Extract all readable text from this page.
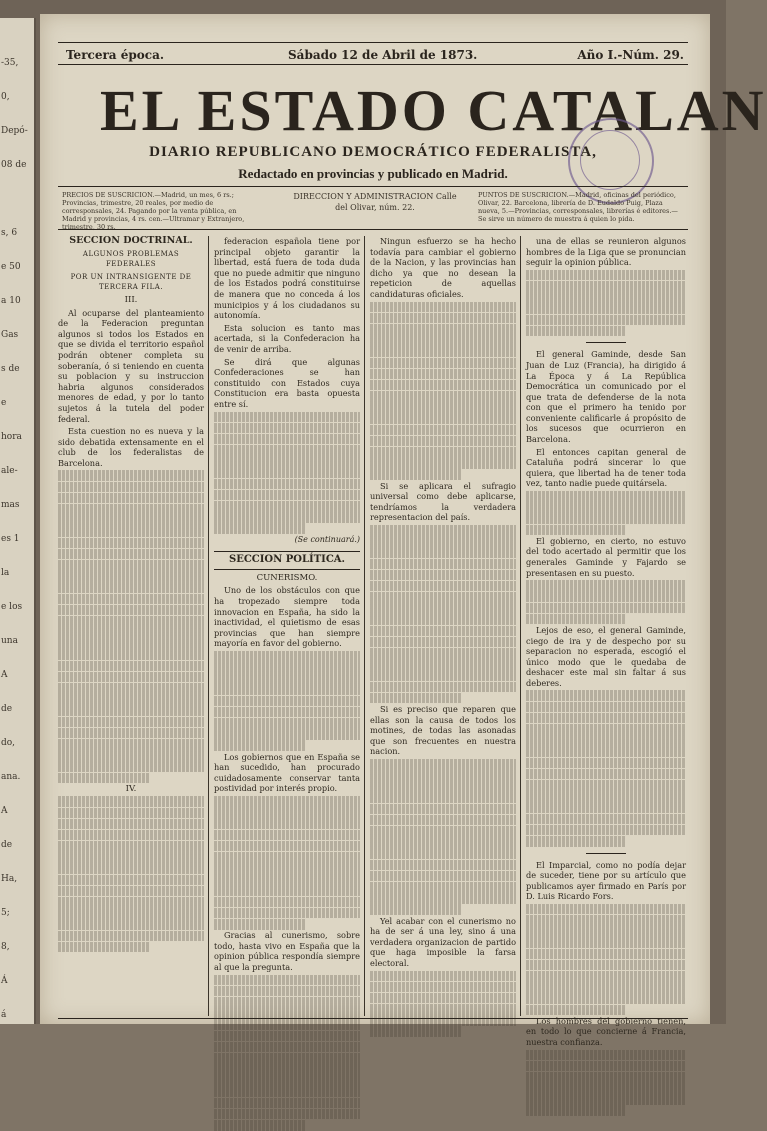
-35,
0,
Depó-
08 de
s, 6
e 50
a 10
Gas
s de
e
hora
ale-
mas
es 1
la
e los
una
A
de
do,
ana.
A
de
Ha,
5;
8,
Á
á
Tercera época.	Sábado 12 de Abril de 1873.	Año I.-Núm. 29.
EL ESTADO CATALAN
DIARIO REPUBLICANO DEMOCRÁTICO FEDERALISTA,
Redactado en provincias y publicado en Madrid.
PRECIOS DE SUSCRICION.—Madrid, un mes, 6 rs.; Provincias, trimestre, 20 reales, por medio de corresponsales, 24. Pagando por la venta pública, en Madrid y provincias, 4 rs. cen.—Ultramar y Extranjero, trimestre, 30 rs.
DIRECCION Y ADMINISTRACION Calle del Olivar, núm. 22.
PUNTOS DE SUSCRICION.—Madrid, oficinas del periódico, Olivar, 22. Barcelona, librería de D. Eudaldo Puig, Plaza nueva, 5.—Provincias, corresponsales, librerías é editores.—Se sirve un número de muestra á quien lo pida.

SECCION DOCTRINAL.

ALGUNOS PROBLEMAS FEDERALES

POR UN INTRANSIGENTE DE TERCERA FILA.

III.

Al ocuparse del planteamiento de la Federacion preguntan algunos si todos los Estados en que se divida el territorio español podrán obtener completa su soberanía, ó si teniendo en cuenta su poblacion y su instruccion habria algunos considerados menores de edad, y por lo tanto sujetos á la tutela del poder federal.

Esta cuestion no es nueva y la sido debatida extensamente en el club de los federalistas de Barcelona.

IV.

federacion española tiene por principal objeto garantir la libertad, está fuera de toda duda que no puede admitir que ninguno de los Estados podrá constituirse de manera que no conceda á los municipios y á los ciudadanos su autonomía.

Esta solucion es tanto mas acertada, si la Confederacion ha de venir de arriba.

Se dirá que algunas Confederaciones se han constituido con Estados cuya Constitucion era basta opuesta entre sí.

(Se continuará.)

SECCION POLÍTICA.

CUNERISMO.

Uno de los obstáculos con que ha tropezado siempre toda innovacion en España, ha sido la inactividad, el quietismo de esas provincias que han siempre mayoría en favor del gobierno.

Los gobiernos que en España se han sucedido, han procurado cuidadosamente conservar tanta postividad por interés propio.

Gracias al cunerismo, sobre todo, hasta vivo en España que la opinion pública respondía siempre al que la pregunta.

Ningun esfuerzo se ha hecho todavía para cambiar el gobierno de la Nacion, y las provincias han dicho ya que no desean la repeticion de aquellas candidaturas oficiales.

Si se aplicara el sufragio universal como debe aplicarse, tendríamos la verdadera representacion del país.

Si es preciso que reparen que ellas son la causa de todos los motines, de todas las asonadas que son frecuentes en nuestra nacion.

Yel acabar con el cunerismo no ha de ser á una ley, sino á una verdadera organizacion de partido que haga imposible la farsa electoral.

una de ellas se reunieron algunos hombres de la Liga que se pronuncian seguir la opinion pública.

El general Gaminde, desde San Juan de Luz (Francia), ha dirigido á La Época y á La República Democrática un comunicado por el que trata de defenderse de la nota con que el primero ha tenido por conveniente calificarle á propósito de los sucesos que ocurrieron en Barcelona.

El entonces capitan general de Cataluña podrá sincerar lo que quiera, que libertad ha de tener toda vez, tanto nadie puede quitársela.

El gobierno, en cierto, no estuvo del todo acertado al permitir que los generales Gaminde y Fajardo se presentasen en su puesto.

Lejos de eso, el general Gaminde, ciego de ira y de despecho por su separacion no esperada, escogió el único modo que le quedaba de deshacer este mal sin faltar á sus deberes.

El Imparcial, como no podía dejar de suceder, tiene por su artículo que publicamos ayer firmado en París por D. Luis Ricardo Fors.

Los hombres del gobierno tienen, en todo lo que concierne á Francia, nuestra confianza.
